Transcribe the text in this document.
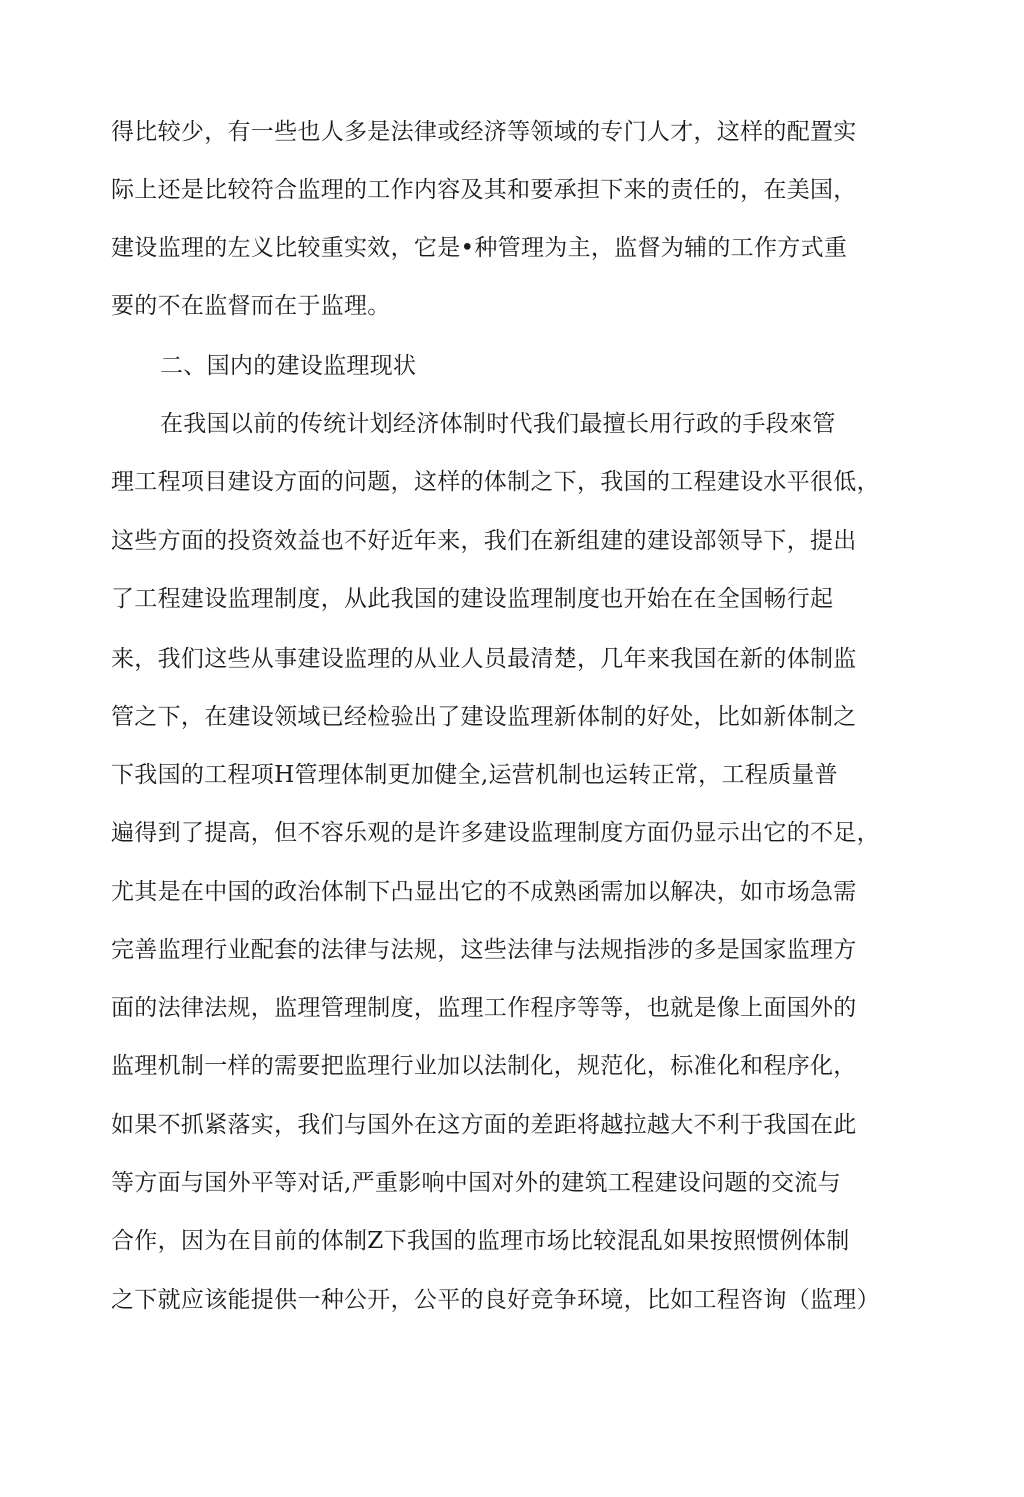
得比较少，有一些也人多是法律或经济等领域的专门人才，这样的配置实
际上还是比较符合监理的工作内容及其和要承担下来的责任的，在美国，
建设监理的左义比较重实效，它是•种管理为主，监督为辅的工作方式重
要的不在监督而在于监理。
二、国内的建设监理现状
在我国以前的传统计划经济体制时代我们最擅长用行政的手段來管
理工程项目建设方面的问题，这样的体制之下，我国的工程建设水平很低，
这些方面的投资效益也不好近年来，我们在新组建的建设部领导下，提出
了工程建设监理制度，从此我国的建设监理制度也开始在在全国畅行起
来，我们这些从事建设监理的从业人员最清楚，几年来我国在新的体制监
管之下，在建设领域已经检验出了建设监理新体制的好处，比如新体制之
下我国的工程项H管理体制更加健全,运营机制也运转正常，工程质量普
遍得到了提高，但不容乐观的是许多建设监理制度方面仍显示出它的不足，
尤其是在中国的政治体制下凸显出它的不成熟函需加以解决，如市场急需
完善监理行业配套的法律与法规，这些法律与法规指涉的多是国家监理方
面的法律法规，监理管理制度，监理工作程序等等，也就是像上面国外的
监理机制一样的需要把监理行业加以法制化，规范化，标准化和程序化，
如果不抓紧落实，我们与国外在这方面的差距将越拉越大不利于我国在此
等方面与国外平等对话,严重影响中国对外的建筑工程建设问题的交流与
合作，因为在目前的体制Z下我国的监理市场比较混乱如果按照惯例体制
之下就应该能提供一种公开，公平的良好竞争环境，比如工程咨询（监理）
